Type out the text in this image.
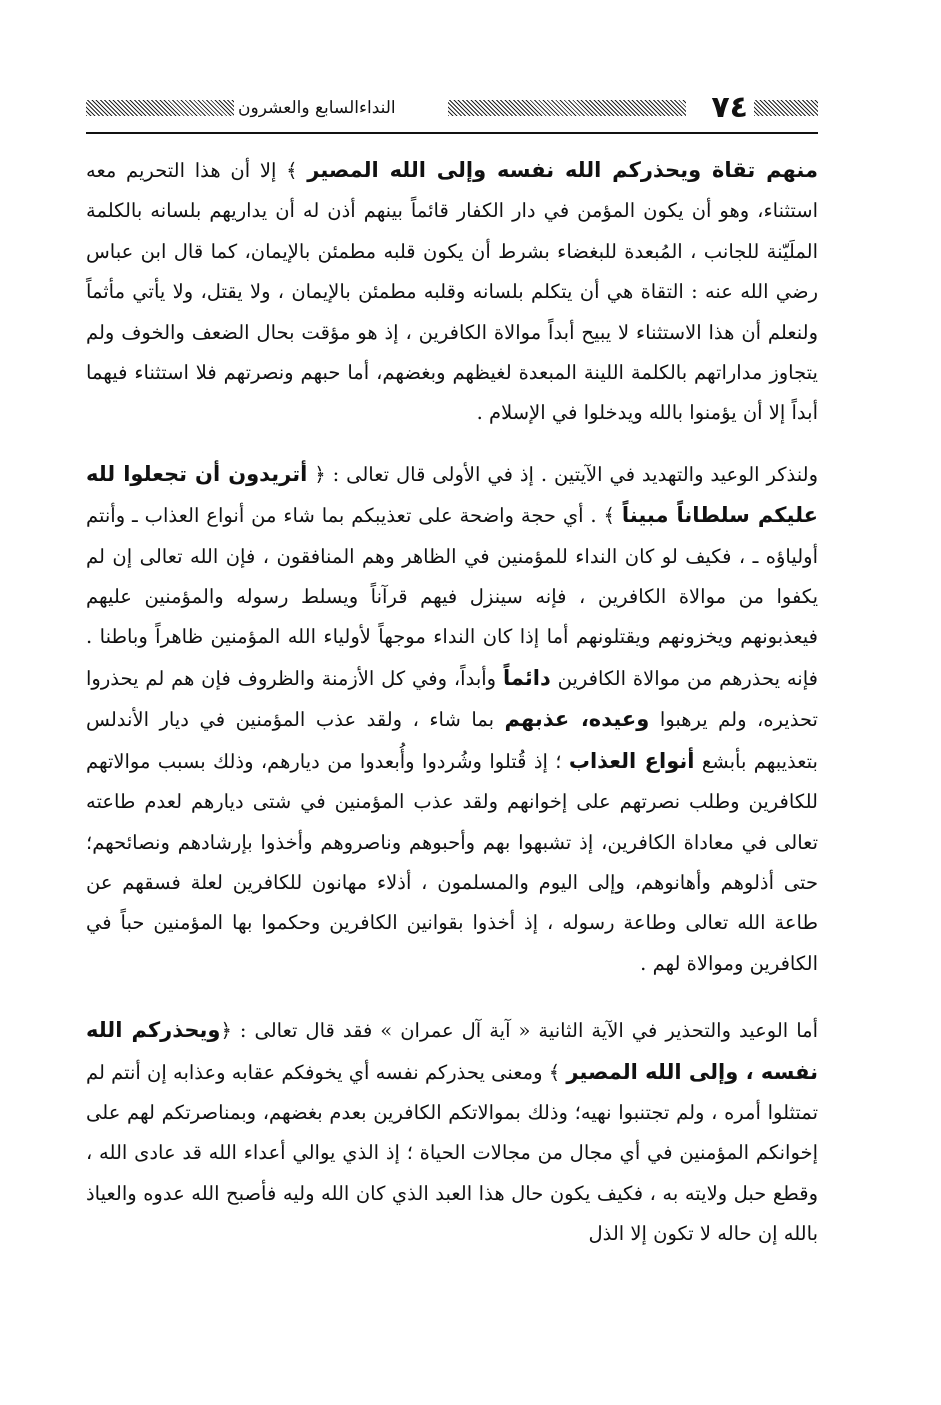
٧٤
النداءالسابع والعشرون

منهم تقاة ويحذركم الله نفسه وإلى الله المصير ﴾ إلا أن هذا التحريم معه استثناء، وهو أن يكون المؤمن في دار الكفار قائماً بينهم أذن له أن يداريهم بلسانه بالكلمة الملَيّنة للجانب ، المُبعدة للبغضاء بشرط أن يكون قلبه مطمئن بالإيمان، كما قال ابن عباس رضي الله عنه : التقاة هي أن يتكلم بلسانه وقلبه مطمئن بالإيمان ، ولا يقتل، ولا يأتي مأثماً ولنعلم أن هذا الاستثناء لا يبيح أبداً موالاة الكافرين ، إذ هو مؤقت بحال الضعف والخوف ولم يتجاوز مداراتهم بالكلمة اللينة المبعدة لغيظهم وبغضهم، أما حبهم ونصرتهم فلا استثناء فيهما أبداً إلا أن يؤمنوا بالله ويدخلوا في الإسلام .

ولنذكر الوعيد والتهديد في الآيتين . إذ في الأولى قال تعالى : ﴿ أتريدون أن تجعلوا لله عليكم سلطاناً مبيناً ﴾ . أي حجة واضحة على تعذيبكم بما شاء من أنواع العذاب ـ وأنتم أولياؤه ـ ، فكيف لو كان النداء للمؤمنين في الظاهر وهم المنافقون ، فإن الله تعالى إن لم يكفوا من موالاة الكافرين ، فإنه سينزل فيهم قرآناً ويسلط رسوله والمؤمنين عليهم فيعذبونهم ويخزونهم ويقتلونهم أما إذا كان النداء موجهاً لأولياء الله المؤمنين ظاهراً وباطنا . فإنه يحذرهم من موالاة الكافرين دائماً وأبداً، وفي كل الأزمنة والظروف فإن هم لم يحذروا تحذيره، ولم يرهبوا وعيده، عذبهم بما شاء ، ولقد عذب المؤمنين في ديار الأندلس بتعذيبهم بأبشع أنواع العذاب ؛ إذ قُتلوا وشُردوا وأُبعدوا من ديارهم، وذلك بسبب موالاتهم للكافرين وطلب نصرتهم على إخوانهم ولقد عذب المؤمنين في شتى ديارهم لعدم طاعته تعالى في معاداة الكافرين، إذ تشبهوا بهم وأحبوهم وناصروهم وأخذوا بإرشادهم ونصائحهم؛حتى أذلوهم وأهانوهم، وإلى اليوم والمسلمون ، أذلاء مهانون للكافرين لعلة فسقهم عن طاعة الله تعالى وطاعة رسوله ، إذ أخذوا بقوانين الكافرين وحكموا بها المؤمنين حباً في الكافرين وموالاة لهم .

أما الوعيد والتحذير في الآية الثانية « آية آل عمران » فقد قال تعالى : ﴿ويحذركم الله نفسه ، وإلى الله المصير ﴾ ومعنى يحذركم نفسه أي يخوفكم عقابه وعذابه إن أنتم لم تمتثلوا أمره ، ولم تجتنبوا نهيه؛ وذلك بموالاتكم الكافرين بعدم بغضهم، وبمناصرتكم لهم على إخوانكم المؤمنين في أي مجال من مجالات الحياة ؛ إذ الذي يوالي أعداء الله قد عادى الله ، وقطع حبل ولايته به ، فكيف يكون حال هذا العبد الذي كان الله وليه فأصبح الله عدوه والعياذ بالله إن حاله لا تكون إلا الذل
